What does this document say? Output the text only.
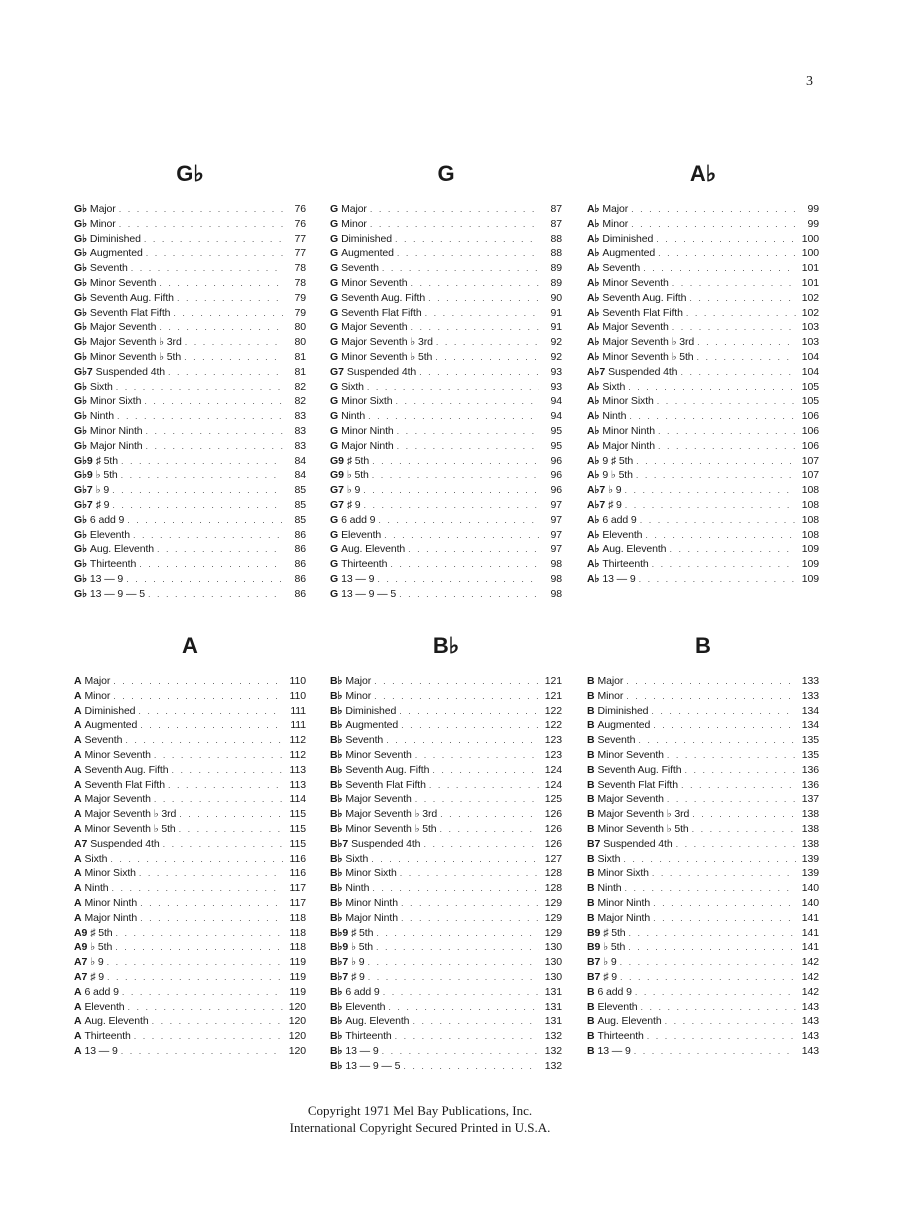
3
G♭
G♭ Major . . .	76
G♭ Minor . . .	76
G♭ Diminished . . .	77
G♭ Augmented . . .	77
G♭ Seventh . . .	78
G♭ Minor Seventh . . .	78
G♭ Seventh Aug. Fifth . . .	79
G♭ Seventh Flat Fifth . . .	79
G♭ Major Seventh . . .	80
G♭ Major Seventh ♭ 3rd . . .	80
G♭ Minor Seventh ♭ 5th . . .	81
G♭7 Suspended 4th . . .	81
G♭ Sixth . . .	82
G♭ Minor Sixth . . .	82
G♭ Ninth . . .	83
G♭ Minor Ninth . . .	83
G♭ Major Ninth . . .	83
G♭9 ♯ 5th . . .	84
G♭9 ♭ 5th . . .	84
G♭7 ♭ 9 . . .	85
G♭7 ♯ 9 . . .	85
G♭ 6 add 9 . . .	85
G♭ Eleventh . . .	86
G♭ Aug. Eleventh . . .	86
G♭ Thirteenth . . .	86
G♭ 13 — 9 . . .	86
G♭ 13 — 9 — 5 . . .	86
G
G Major . . .	87
G Minor . . .	87
G Diminished . . .	88
G Augmented . . .	88
G Seventh . . .	89
G Minor Seventh . . .	89
G Seventh Aug. Fifth . . .	90
G Seventh Flat Fifth . . .	91
G Major Seventh . . .	91
G Major Seventh ♭ 3rd . . .	92
G Minor Seventh ♭ 5th . . .	92
G7 Suspended 4th . . .	93
G Sixth . . .	93
G Minor Sixth . . .	94
G Ninth . . .	94
G Minor Ninth . . .	95
G Major Ninth . . .	95
G9 ♯ 5th . . .	96
G9 ♭ 5th . . .	96
G7 ♭ 9 . . .	96
G7 ♯ 9 . . .	97
G 6 add 9 . . .	97
G Eleventh . . .	97
G Aug. Eleventh . . .	97
G Thirteenth . . .	98
G 13 — 9 . . .	98
G 13 — 9 — 5 . . .	98
A♭
A♭ Major . . .	99
A♭ Minor . . .	99
A♭ Diminished . . .	100
A♭ Augmented . . .	100
A♭ Seventh . . .	101
A♭ Minor Seventh . . .	101
A♭ Seventh Aug. Fifth . . .	102
A♭ Seventh Flat Fifth . . .	102
A♭ Major Seventh . . .	103
A♭ Major Seventh ♭ 3rd . . .	103
A♭ Minor Seventh ♭ 5th . . .	104
A♭7 Suspended 4th . . .	104
A♭ Sixth . . .	105
A♭ Minor Sixth . . .	105
A♭ Ninth . . .	106
A♭ Minor Ninth . . .	106
A♭ Major Ninth . . .	106
A♭ 9 ♯ 5th . . .	107
A♭ 9 ♭ 5th . . .	107
A♭7 ♭ 9 . . .	108
A♭7 ♯ 9 . . .	108
A♭ 6 add 9 . . .	108
A♭ Eleventh . . .	108
A♭ Aug. Eleventh . . .	109
A♭ Thirteenth . . .	109
A♭ 13 — 9 . . .	109
A
A Major . . .	110
A Minor . . .	110
A Diminished . . .	111
A Augmented . . .	111
A Seventh . . .	112
A Minor Seventh . . .	112
A Seventh Aug. Fifth . . .	113
A Seventh Flat Fifth . . .	113
A Major Seventh . . .	114
A Major Seventh ♭ 3rd . . .	115
A Minor Seventh ♭ 5th . . .	115
A7 Suspended 4th . . .	115
A Sixth . . .	116
A Minor Sixth . . .	116
A Ninth . . .	117
A Minor Ninth . . .	117
A Major Ninth . . .	118
A9 ♯ 5th . . .	118
A9 ♭ 5th . . .	118
A7 ♭ 9 . . .	119
A7 ♯ 9 . . .	119
A 6 add 9 . . .	119
A Eleventh . . .	120
A Aug. Eleventh . . .	120
A Thirteenth . . .	120
A 13 — 9 . . .	120
B♭
B♭ Major . . .	121
B♭ Minor . . .	121
B♭ Diminished . . .	122
B♭ Augmented . . .	122
B♭ Seventh . . .	123
B♭ Minor Seventh . . .	123
B♭ Seventh Aug. Fifth . . .	124
B♭ Seventh Flat Fifth . . .	124
B♭ Major Seventh . . .	125
B♭ Major Seventh ♭ 3rd . . .	126
B♭ Minor Seventh ♭ 5th . . .	126
B♭7 Suspended 4th . . .	126
B♭ Sixth . . .	127
B♭ Minor Sixth . . .	128
B♭ Ninth . . .	128
B♭ Minor Ninth . . .	129
B♭ Major Ninth . . .	129
B♭9 ♯ 5th . . .	129
B♭9 ♭ 5th . . .	130
B♭7 ♭ 9 . . .	130
B♭7 ♯ 9 . . .	130
B♭ 6 add 9 . . .	131
B♭ Eleventh . . .	131
B♭ Aug. Eleventh . . .	131
B♭ Thirteenth . . .	132
B♭ 13 — 9 . . .	132
B♭ 13 — 9 — 5 . . .	132
B
B Major . . .	133
B Minor . . .	133
B Diminished . . .	134
B Augmented . . .	134
B Seventh . . .	135
B Minor Seventh . . .	135
B Seventh Aug. Fifth . . .	136
B Seventh Flat Fifth . . .	136
B Major Seventh . . .	137
B Major Seventh ♭ 3rd . . .	138
B Minor Seventh ♭ 5th . . .	138
B7 Suspended 4th . . .	138
B Sixth . . .	139
B Minor Sixth . . .	139
B Ninth . . .	140
B Minor Ninth . . .	140
B Major Ninth . . .	141
B9 ♯ 5th . . .	141
B9 ♭ 5th . . .	141
B7 ♭ 9 . . .	142
B7 ♯ 9 . . .	142
B 6 add 9 . . .	142
B Eleventh . . .	143
B Aug. Eleventh . . .	143
B Thirteenth . . .	143
B 13 — 9 . . .	143
Copyright 1971 Mel Bay Publications, Inc.
International Copyright Secured Printed in U.S.A.
